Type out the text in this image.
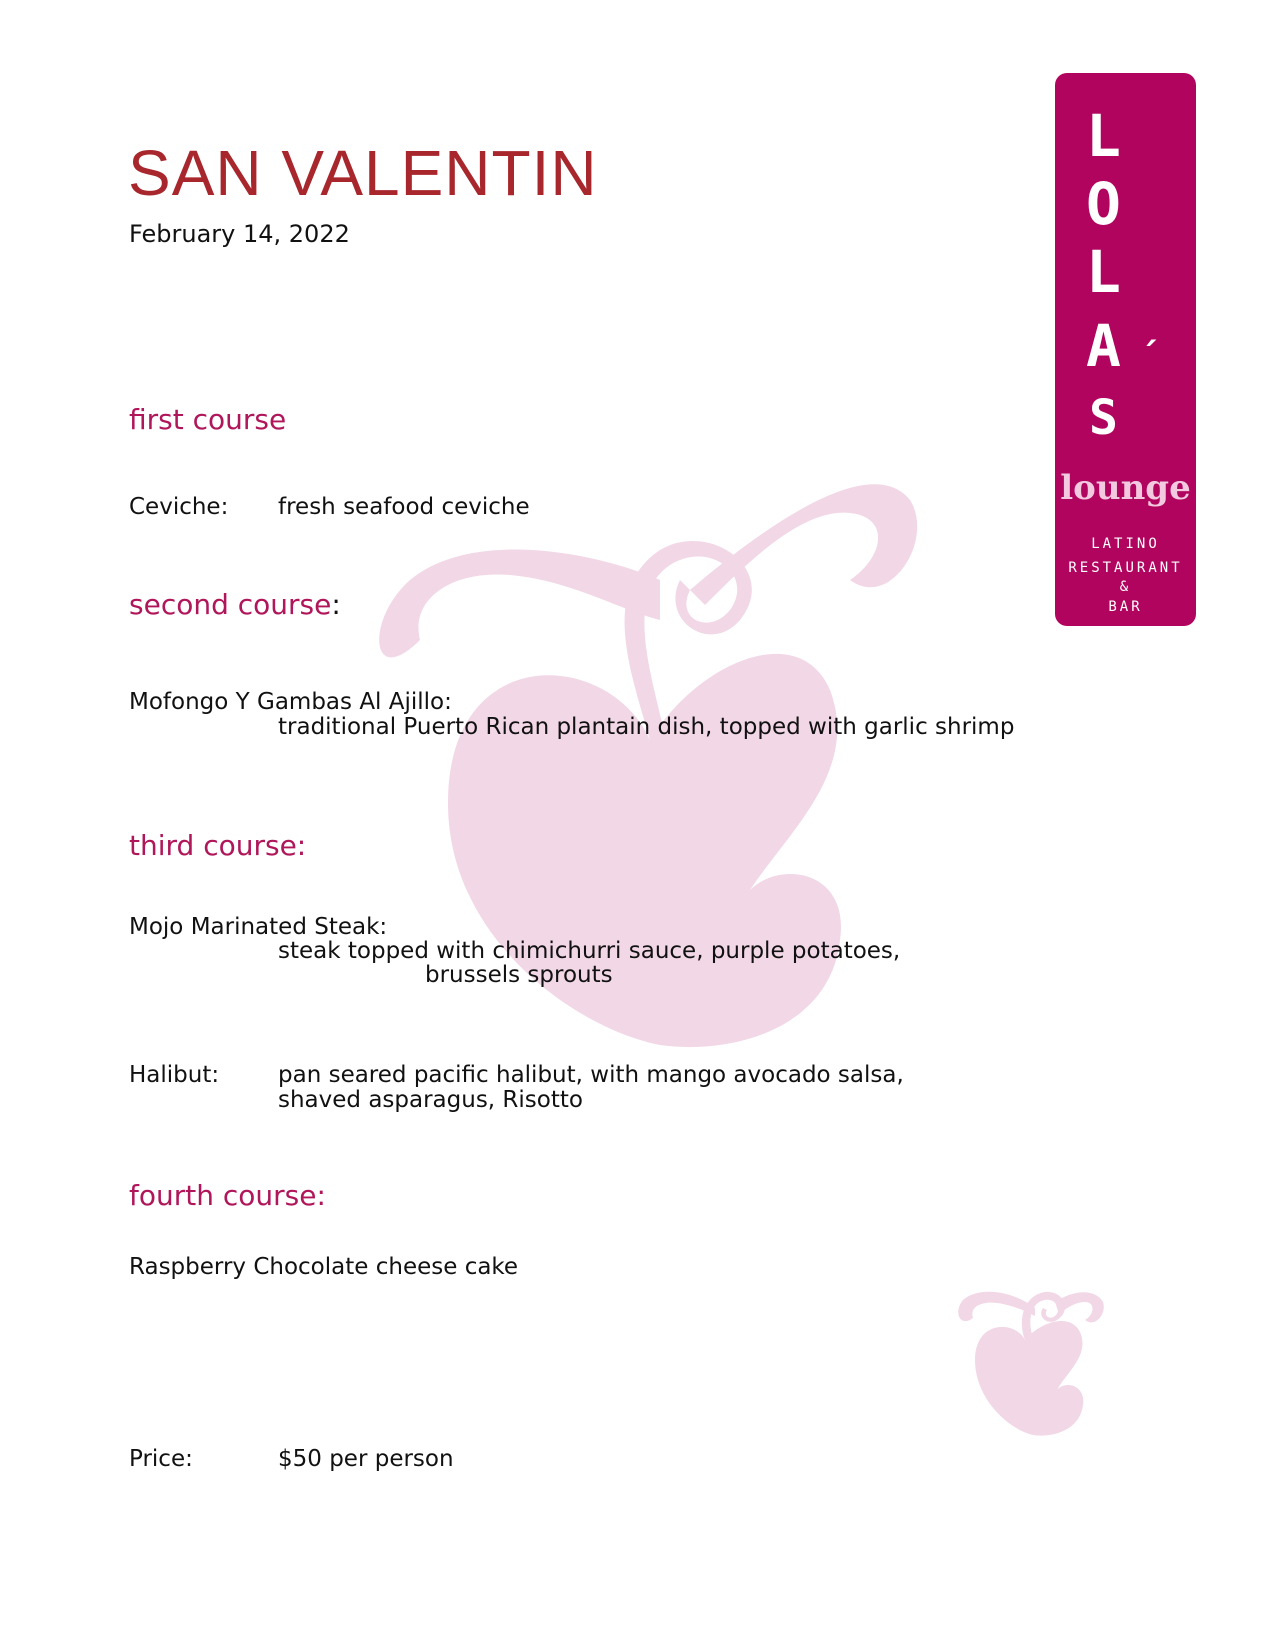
SAN VALENTIN
February 14, 2022
first course
Ceviche: fresh seafood ceviche
second course:
Mofongo Y Gambas Al Ajillo:
traditional Puerto Rican plantain dish, topped with garlic shrimp
third course:
Mojo Marinated Steak:
steak topped with chimichurri sauce, purple potatoes,
brussels sprouts
Halibut:	pan seared pacific halibut, with mango avocado salsa,
shaved asparagus, Risotto
fourth course:
Raspberry Chocolate cheese cake
Price:	$50 per person
L
O
L
A ´
S
lounge
LATINO
RESTAURANT
&
BAR
